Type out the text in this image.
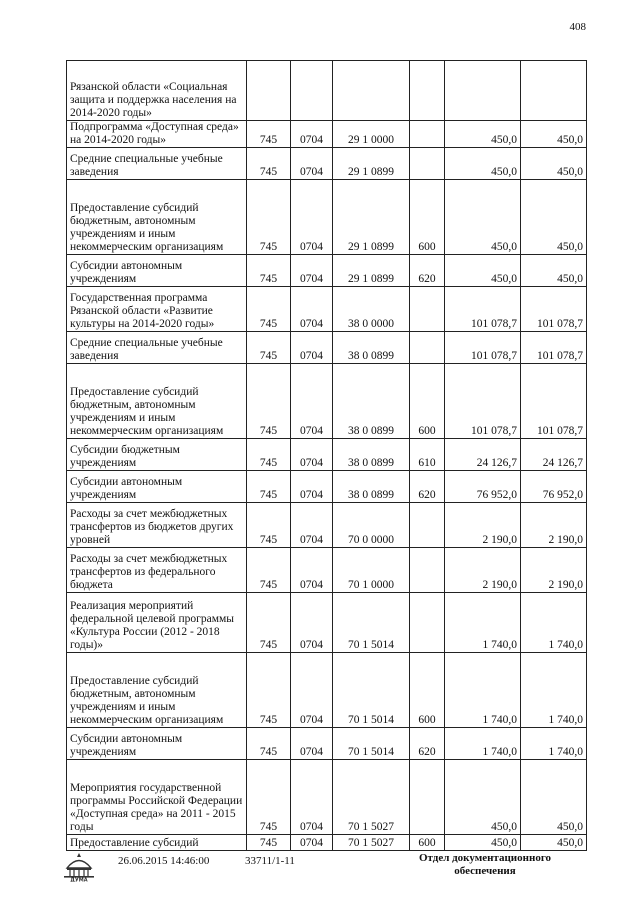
408
Рязанской области «Социальная защита и поддержка населения на 2014-2020 годы»						
Подпрограмма «Доступная среда» на 2014-2020 годы»	745	0704	29 1 0000		450,0	450,0
Средние специальные учебные заведения	745	0704	29 1 0899		450,0	450,0
Предоставление субсидий бюджетным, автономным учреждениям и иным некоммерческим организациям	745	0704	29 1 0899	600	450,0	450,0
Субсидии автономным учреждениям	745	0704	29 1 0899	620	450,0	450,0
Государственная программа Рязанской области «Развитие культуры на 2014-2020 годы»	745	0704	38 0 0000		101 078,7	101 078,7
Средние специальные учебные заведения	745	0704	38 0 0899		101 078,7	101 078,7
Предоставление субсидий бюджетным, автономным учреждениям и иным некоммерческим организациям	745	0704	38 0 0899	600	101 078,7	101 078,7
Субсидии бюджетным учреждениям	745	0704	38 0 0899	610	24 126,7	24 126,7
Субсидии автономным учреждениям	745	0704	38 0 0899	620	76 952,0	76 952,0
Расходы за счет межбюджетных трансфертов из бюджетов других уровней	745	0704	70 0 0000		2 190,0	2 190,0
Расходы за счет межбюджетных трансфертов из федерального бюджета	745	0704	70 1 0000		2 190,0	2 190,0
Реализация мероприятий федеральной целевой программы «Культура России (2012 - 2018 годы)»	745	0704	70 1 5014		1 740,0	1 740,0
Предоставление субсидий бюджетным, автономным учреждениям и иным некоммерческим организациям	745	0704	70 1 5014	600	1 740,0	1 740,0
Субсидии автономным учреждениям	745	0704	70 1 5014	620	1 740,0	1 740,0
Мероприятия государственной программы Российской Федерации «Доступная среда» на 2011 - 2015 годы	745	0704	70 1 5027		450,0	450,0
Предоставление субсидий	745	0704	70 1 5027	600	450,0	450,0
ДУМА
26.06.2015 14:46:00	33711/1-11	Отдел документационного обеспечения
